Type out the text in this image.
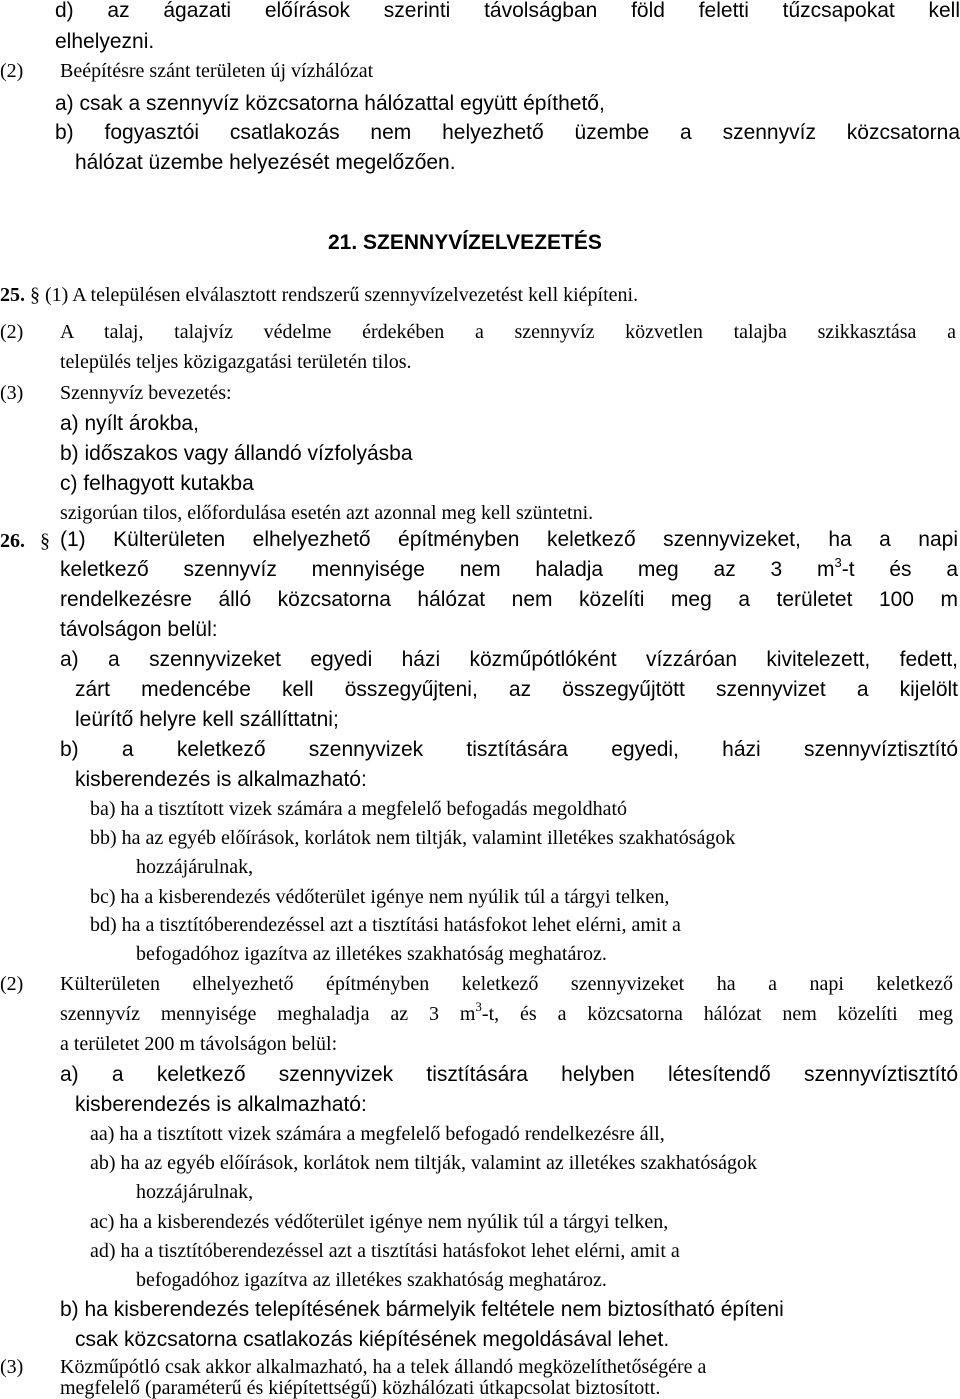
d) az ágazati előírások szerinti távolságban föld feletti tűzcsapokat kell
elhelyezni.
(2) Beépítésre szánt területen új vízhálózat
a) csak a szennyvíz közcsatorna hálózattal együtt építhető,
b) fogyasztói csatlakozás nem helyezhető üzembe a szennyvíz közcsatorna
hálózat üzembe helyezését megelőzően.
21. SZENNYVÍZELVEZETÉS
25. § (1) A településen elválasztott rendszerű szennyvízelvezetést kell kiépíteni.
(2) A talaj, talajvíz védelme érdekében a szennyvíz közvetlen talajba szikkasztása a
település teljes közigazgatási területén tilos.
(3) Szennyvíz bevezetés:
a) nyílt árokba,
b) időszakos vagy állandó vízfolyásba
c) felhagyott kutakba
szigorúan tilos, előfordulása esetén azt azonnal meg kell szüntetni.
26. § (1) Külterületen elhelyezhető építményben keletkező szennyvizeket, ha a napi
keletkező szennyvíz mennyisége nem haladja meg az 3 $m^3-t$ és a
rendelkezésre álló közcsatorna hálózat nem közelíti meg a területet 100 m
távolságon belül:
a) a szennyvizeket egyedi házi közműpótlóként vízzáróan kivitelezett, fedett,
zárt medencébe kell összegyűjteni, az összegyűjtött szennyvizet a kijelölt
leürítő helyre kell szállíttatni;
b) a keletkező szennyvizek tisztítására egyedi, házi szennyvíztisztító
kisberendezés is alkalmazható:
ba) ha a tisztított vizek számára a megfelelő befogadás megoldható
bb) ha az egyéb előírások, korlátok nem tiltják, valamint illetékes szakhatóságok
hozzájárulnak,
bc) ha a kisberendezés védőterület igénye nem nyúlik túl a tárgyi telken,
bd) ha a tisztítóberendezéssel azt a tisztítási hatásfokot lehet elérni, amit a
befogadóhoz igazítva az illetékes szakhatóság meghatároz.
(2) Külterületen elhelyezhető építményben keletkező szennyvizeket ha a napi keletkező
szennyvíz mennyisége meghaladja az 3 $m^3-t$, és a közcsatorna hálózat nem közelíti meg
a területet 200 m távolságon belül:
a) a keletkező szennyvizek tisztítására helyben létesítendő szennyvíztisztító
kisberendezés is alkalmazható:
aa) ha a tisztított vizek számára a megfelelő befogadó rendelkezésre áll,
ab) ha az egyéb előírások, korlátok nem tiltják, valamint az illetékes szakhatóságok
hozzájárulnak,
ac) ha a kisberendezés védőterület igénye nem nyúlik túl a tárgyi telken,
ad) ha a tisztítóberendezéssel azt a tisztítási hatásfokot lehet elérni, amit a
befogadóhoz igazítva az illetékes szakhatóság meghatároz.
b) ha kisberendezés telepítésének bármelyik feltétele nem biztosítható építeni
csak közcsatorna csatlakozás kiépítésének megoldásával lehet.
(3) Közműpótló csak akkor alkalmazható, ha a telek állandó megközelíthetőségére a
megfelelő (paraméterű és kiépítettségű) közhálózati útkapcsolat biztosított.
